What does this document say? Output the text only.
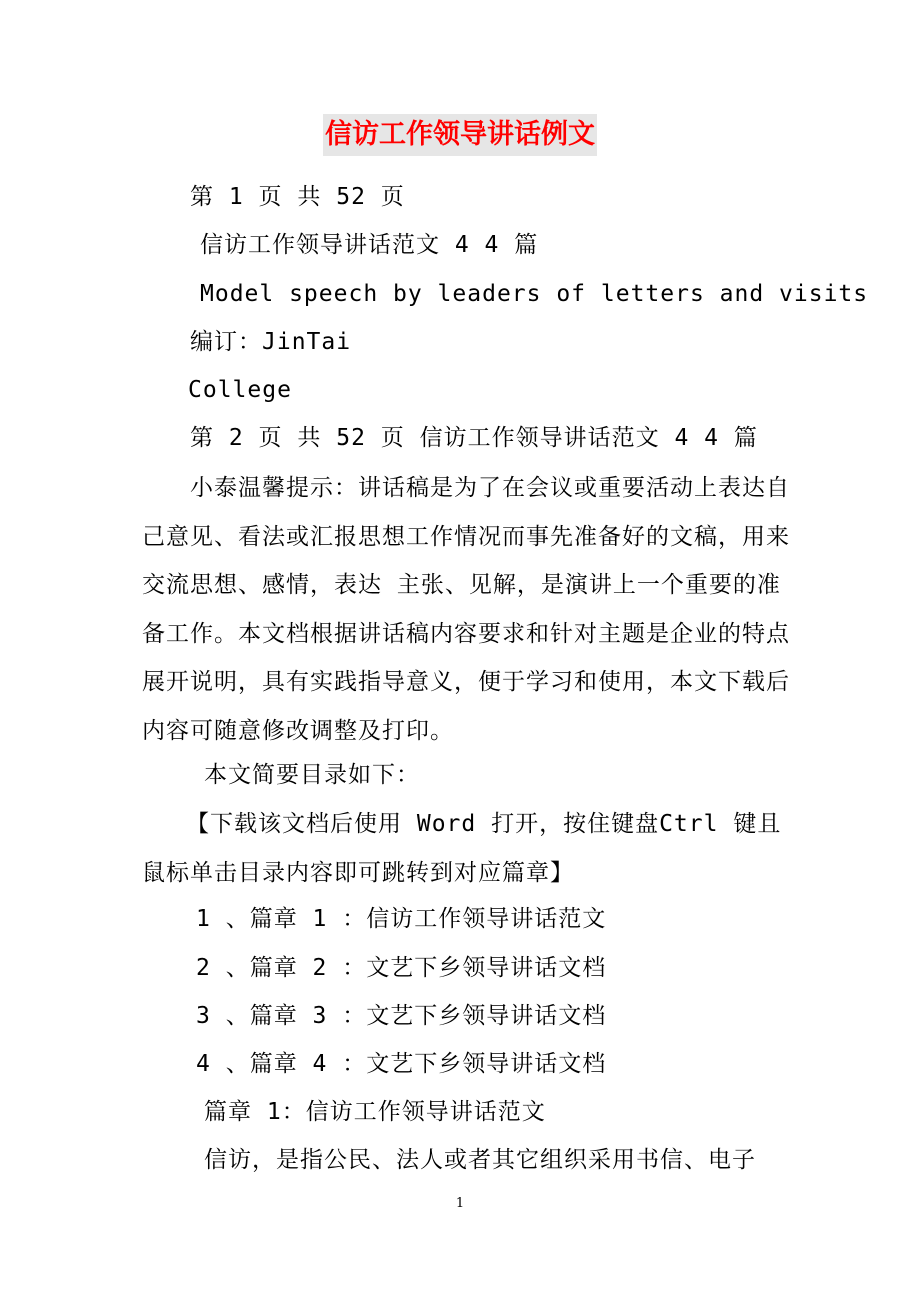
信访工作领导讲话例文
第 1 页 共 52 页
信访工作领导讲话范文 4 4 篇
Model speech by leaders of letters and visits
编订：JinTai
College
第 2 页 共 52 页 信访工作领导讲话范文 4 4 篇
小泰温馨提示：讲话稿是为了在会议或重要活动上表达自己意见、看法或汇报思想工作情况而事先准备好的文稿，用来交流思想、感情，表达 主张、见解，是演讲上一个重要的准备工作。本文档根据讲话稿内容要求和针对主题是企业的特点展开说明，具有实践指导意义，便于学习和使用，本文下载后内容可随意修改调整及打印。
本文简要目录如下：
【下载该文档后使用 Word 打开，按住键盘Ctrl 键且鼠标单击目录内容即可跳转到对应篇章】
1 、篇章 1 ：信访工作领导讲话范文
2 、篇章 2 ：文艺下乡领导讲话文档
3 、篇章 3 ：文艺下乡领导讲话文档
4 、篇章 4 ：文艺下乡领导讲话文档
篇章 1：信访工作领导讲话范文
信访，是指公民、法人或者其它组织采用书信、电子
1
